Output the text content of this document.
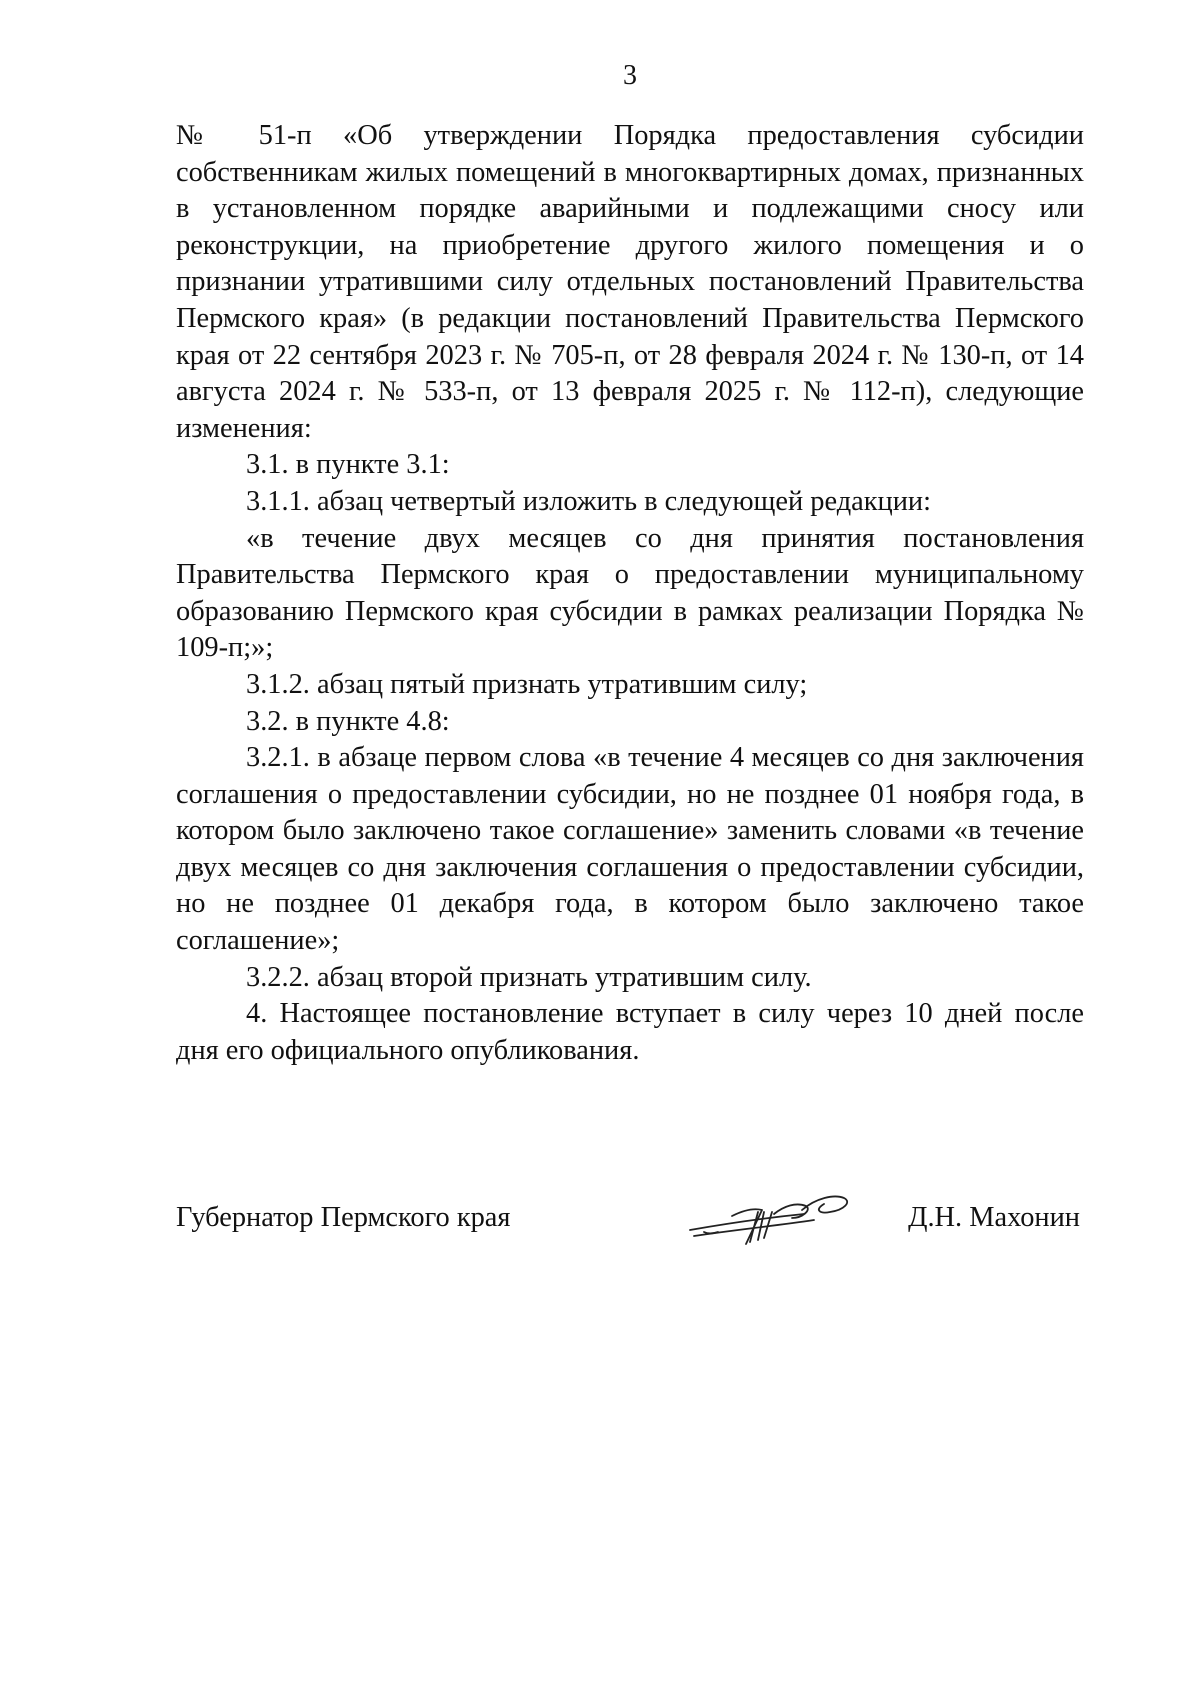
3

№ 51-п «Об утверждении Порядка предоставления субсидии собственникам жилых помещений в многоквартирных домах, признанных в установленном порядке аварийными и подлежащими сносу или реконструкции, на приобретение другого жилого помещения и о признании утратившими силу отдельных постановлений Правительства Пермского края» (в редакции постановлений Правительства Пермского края от 22 сентября 2023 г. № 705-п, от 28 февраля 2024 г. № 130-п, от 14 августа 2024 г. № 533-п, от 13 февраля 2025 г. № 112-п), следующие изменения:

3.1. в пункте 3.1:

3.1.1. абзац четвертый изложить в следующей редакции:

«в течение двух месяцев со дня принятия постановления Правительства Пермского края о предоставлении муниципальному образованию Пермского края субсидии в рамках реализации Порядка № 109-п;»;

3.1.2. абзац пятый признать утратившим силу;

3.2. в пункте 4.8:

3.2.1. в абзаце первом слова «в течение 4 месяцев со дня заключения соглашения о предоставлении субсидии, но не позднее 01 ноября года, в котором было заключено такое соглашение» заменить словами «в течение двух месяцев со дня заключения соглашения о предоставлении субсидии, но не позднее 01 декабря года, в котором было заключено такое соглашение»;

3.2.2. абзац второй признать утратившим силу.

4. Настоящее постановление вступает в силу через 10 дней после дня его официального опубликования.

Губернатор Пермского края	Д.Н. Махонин
